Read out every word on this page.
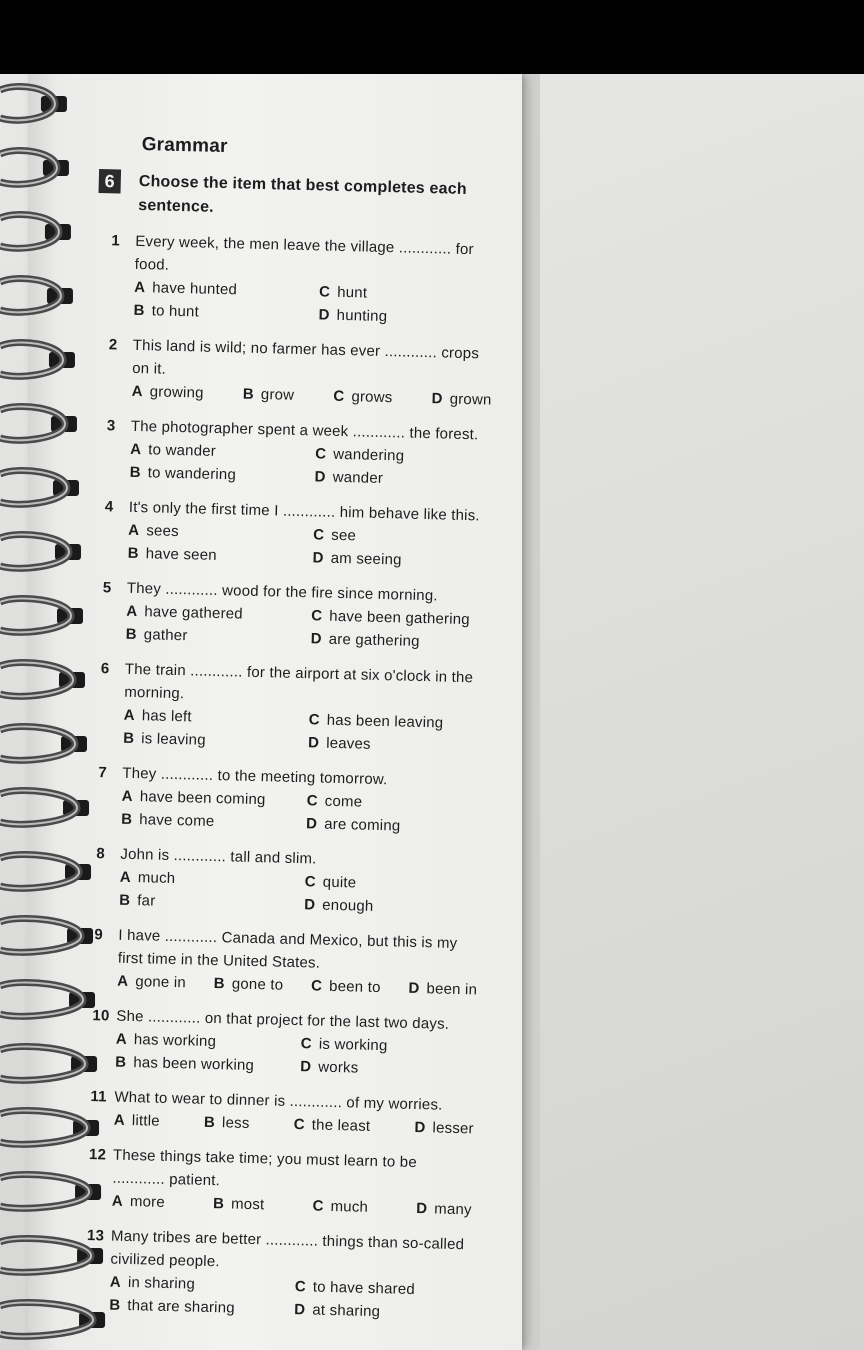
Grammar
6	Choose the item that best completes each sentence.
1	Every week, the men leave the village ............ for food.
A have hunted	C hunt
B to hunt	D hunting
2	This land is wild; no farmer has ever ............ crops on it.
A growing	B grow	C grows	D grown
3	The photographer spent a week ............ the forest.
A to wander	C wandering
B to wandering	D wander
4	It's only the first time I ............ him behave like this.
A sees	C see
B have seen	D am seeing
5	They ............ wood for the fire since morning.
A have gathered	C have been gathering
B gather	D are gathering
6	The train ............ for the airport at six o'clock in the morning.
A has left	C has been leaving
B is leaving	D leaves
7	They ............ to the meeting tomorrow.
A have been coming	C come
B have come	D are coming
8	John is ............ tall and slim.
A much	C quite
B far	D enough
9	I have ............ Canada and Mexico, but this is my first time in the United States.
A gone in B gone to C been to D been in
10 She ............ on that project for the last two days.
A has working	C is working
B has been working	D works
11 What to wear to dinner is ............ of my worries.
A little	B less	C the least	D lesser
12 These things take time; you must learn to be ............ patient.
A more	B most	C much	D many
13 Many tribes are better ............ things than so-called civilized people.
A in sharing	C to have shared
B that are sharing	D at sharing
